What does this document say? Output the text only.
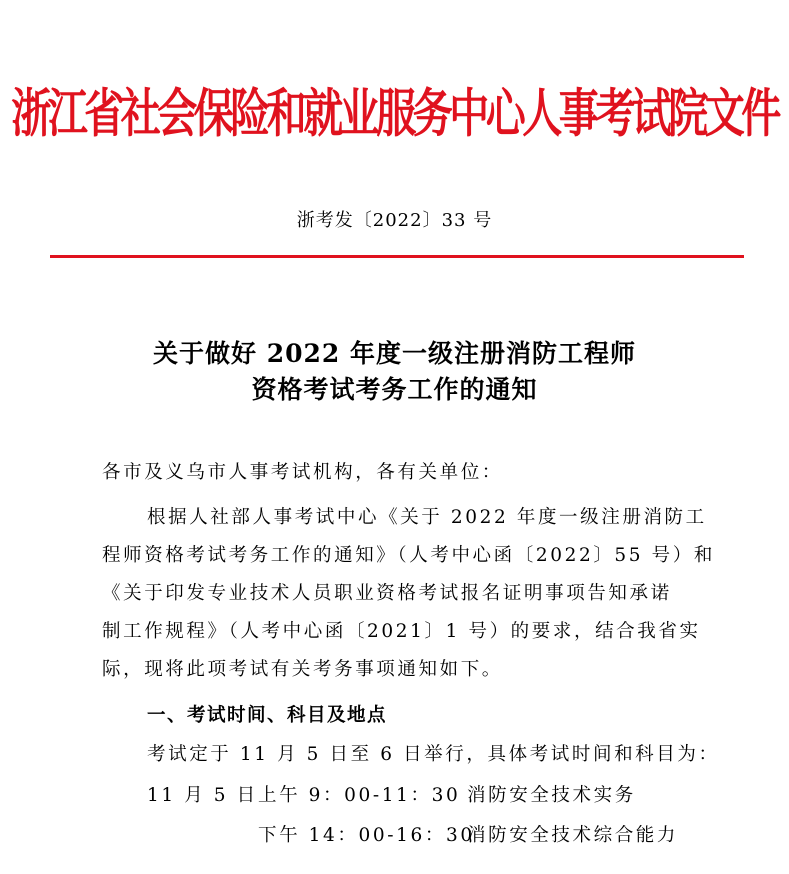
浙江省社会保险和就业服务中心人事考试院文件
浙考发〔2022〕33 号
关于做好 2022 年度一级注册消防工程师
资格考试考务工作的通知
各市及义乌市人事考试机构，各有关单位：
根据人社部人事考试中心《关于 2022 年度一级注册消防工
程师资格考试考务工作的通知》（人考中心函〔2022〕55 号）和
《关于印发专业技术人员职业资格考试报名证明事项告知承诺
制工作规程》（人考中心函〔2021〕1 号）的要求，结合我省实
际，现将此项考试有关考务事项通知如下。
一、考试时间、科目及地点
考试定于 11 月 5 日至 6 日举行，具体考试时间和科目为：
11 月 5 日 上午 9：00-11：30 消防安全技术实务
下午 14：00-16：30
消防安全技术综合能力
